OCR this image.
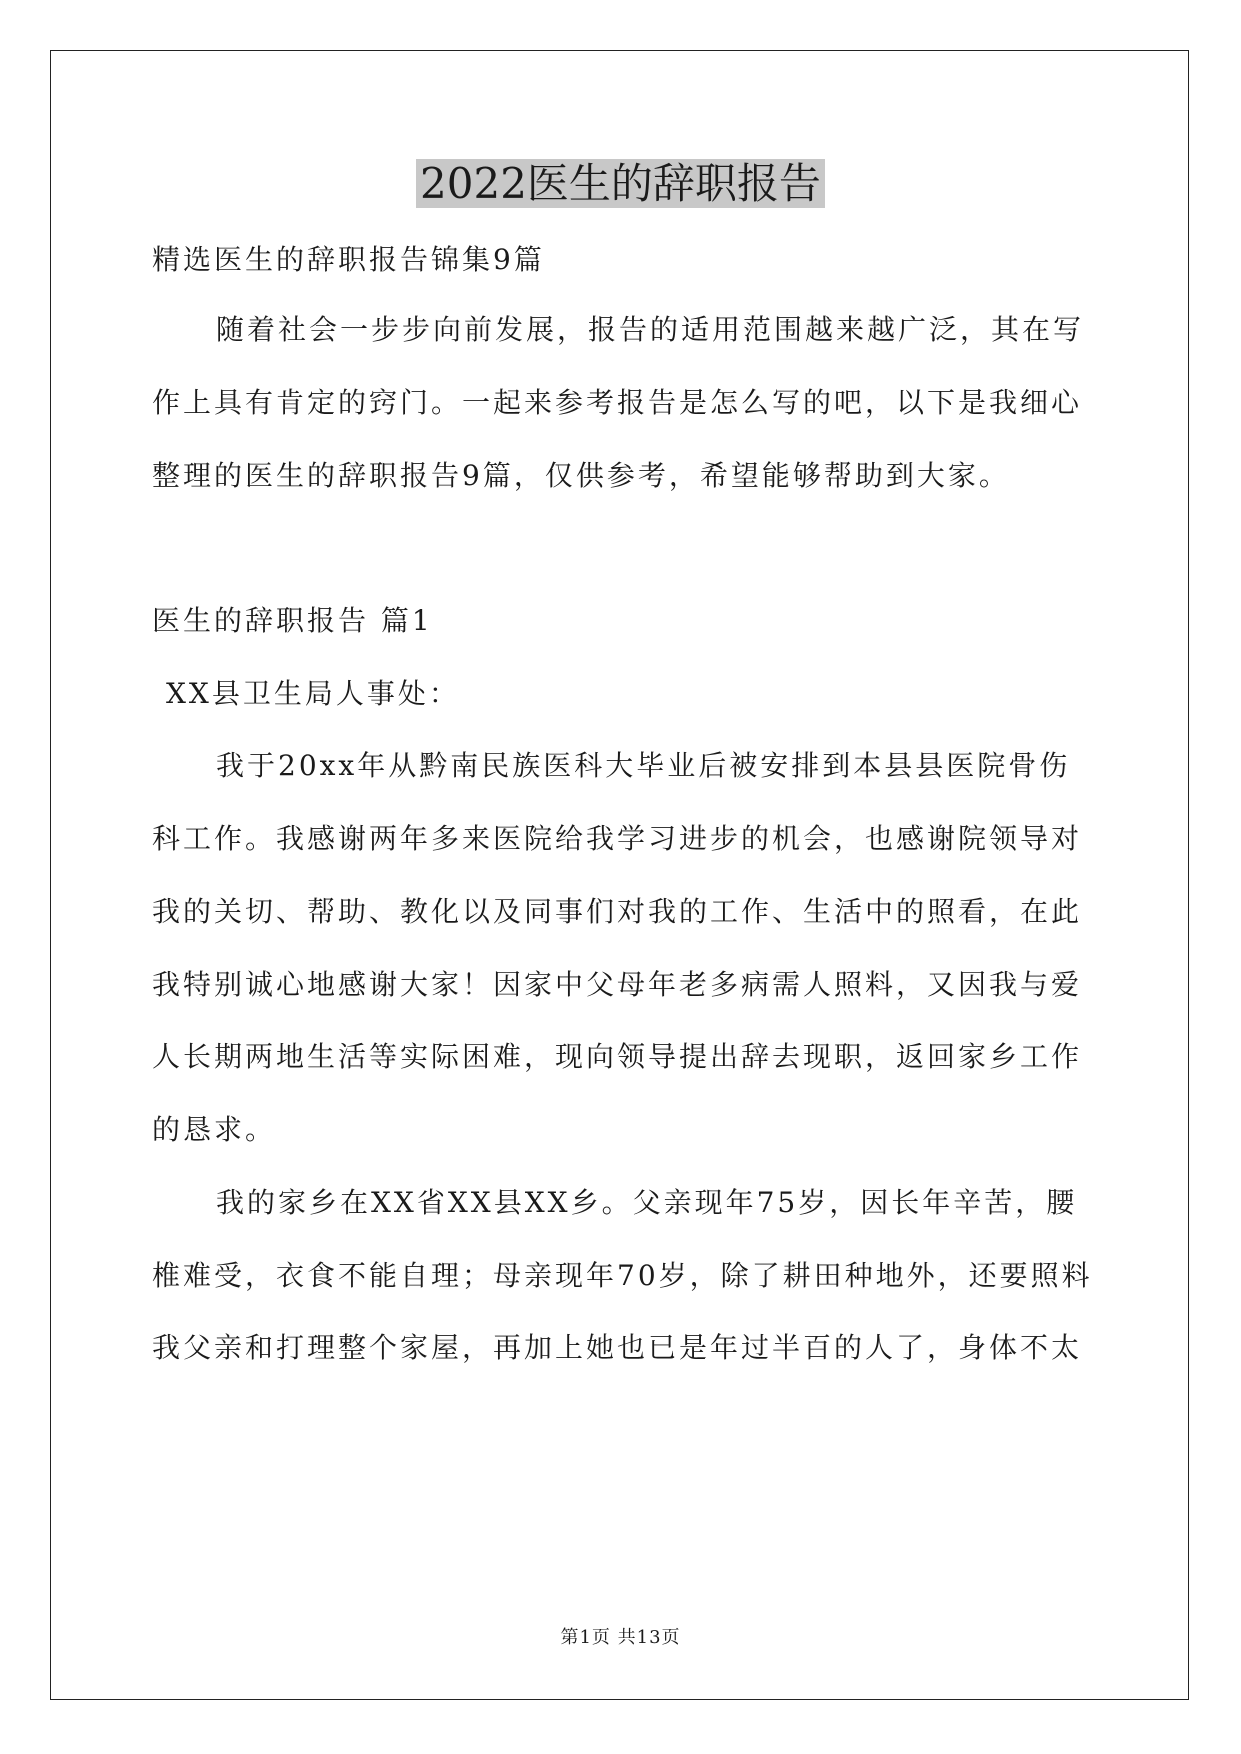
2022医生的辞职报告
精选医生的辞职报告锦集9篇
随着社会一步步向前发展，报告的适用范围越来越广泛，其在写
作上具有肯定的窍门。一起来参考报告是怎么写的吧，以下是我细心
整理的医生的辞职报告9篇，仅供参考，希望能够帮助到大家。
医生的辞职报告 篇1
XX县卫生局人事处：
我于20xx年从黔南民族医科大毕业后被安排到本县县医院骨伤
科工作。我感谢两年多来医院给我学习进步的机会，也感谢院领导对
我的关切、帮助、教化以及同事们对我的工作、生活中的照看，在此
我特别诚心地感谢大家！因家中父母年老多病需人照料，又因我与爱
人长期两地生活等实际困难，现向领导提出辞去现职，返回家乡工作
的恳求。
我的家乡在XX省XX县XX乡。父亲现年75岁，因长年辛苦，腰
椎难受，衣食不能自理；母亲现年70岁，除了耕田种地外，还要照料
我父亲和打理整个家屋，再加上她也已是年过半百的人了，身体不太
第1页 共13页
